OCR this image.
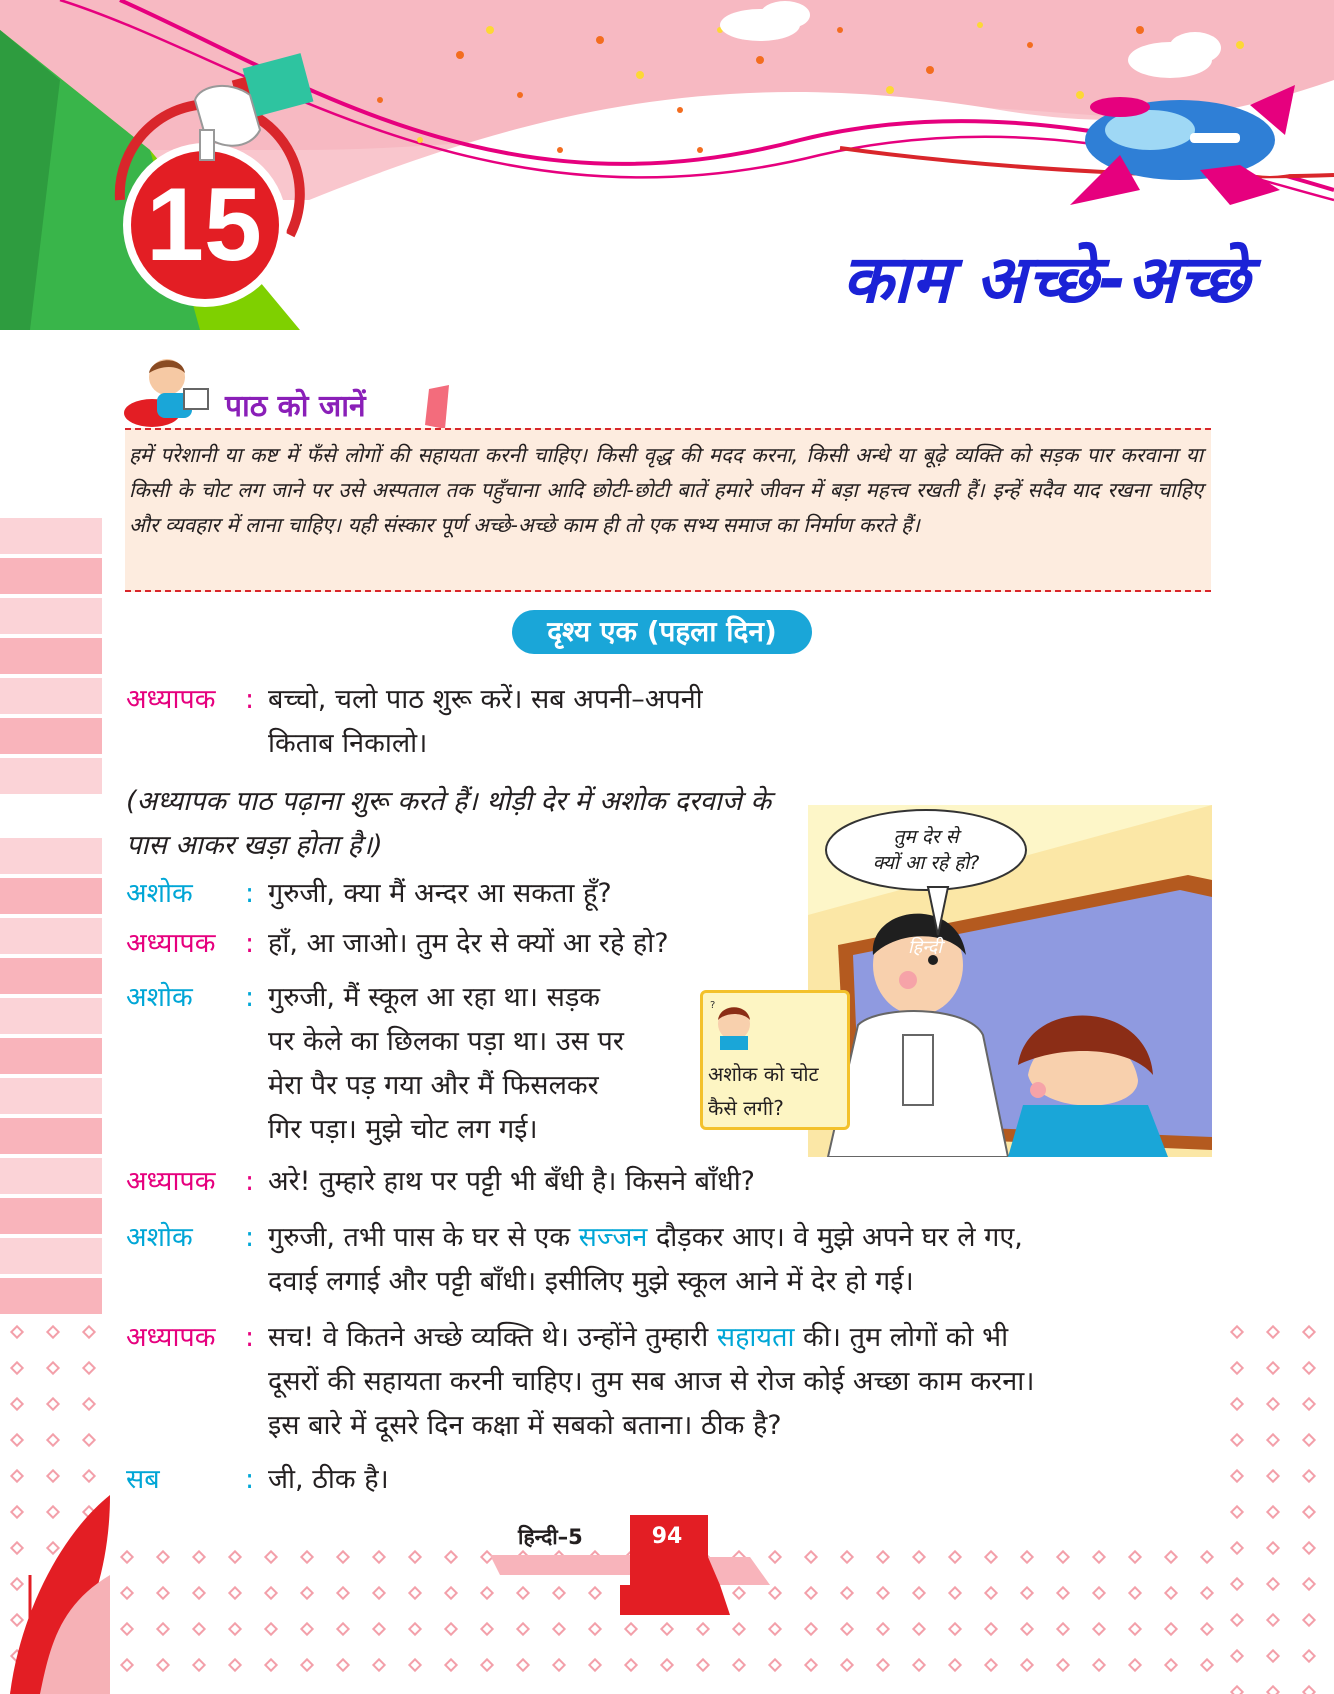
15	काम अच्छे-अच्छे
पाठ को जानें
हमें परेशानी या कष्ट में फँसे लोगों की सहायता करनी चाहिए। किसी वृद्ध की मदद करना, किसी अन्धे या बूढ़े व्यक्ति को सड़क पार करवाना या किसी के चोट लग जाने पर उसे अस्पताल तक पहुँचाना आदि छोटी-छोटी बातें हमारे जीवन में बड़ा महत्त्व रखती हैं। इन्हें सदैव याद रखना चाहिए और व्यवहार में लाना चाहिए। यही संस्कार पूर्ण अच्छे-अच्छे काम ही तो एक सभ्य समाज का निर्माण करते हैं।
दृश्य एक (पहला दिन)
अध्यापक : बच्चो, चलो पाठ शुरू करें। सब अपनी–अपनी
किताब निकालो।
(अध्यापक पाठ पढ़ाना शुरू करते हैं। थोड़ी देर में अशोक दरवाजे के पास आकर खड़ा होता है।)
अशोक : गुरुजी, क्या मैं अन्दर आ सकता हूँ?
अध्यापक : हाँ, आ जाओ। तुम देर से क्यों आ रहे हो?
अशोक : गुरुजी, मैं स्कूल आ रहा था। सड़क
पर केले का छिलका पड़ा था। उस पर
मेरा पैर पड़ गया और मैं फिसलकर
गिर पड़ा। मुझे चोट लग गई।
अध्यापक : अरे! तुम्हारे हाथ पर पट्टी भी बँधी है। किसने बाँधी?
अशोक : गुरुजी, तभी पास के घर से एक सज्जन दौड़कर आए। वे मुझे अपने घर ले गए,
दवाई लगाई और पट्टी बाँधी। इसीलिए मुझे स्कूल आने में देर हो गई।
अध्यापक : सच! वे कितने अच्छे व्यक्ति थे। उन्होंने तुम्हारी सहायता की। तुम लोगों को भी
दूसरों की सहायता करनी चाहिए। तुम सब आज से रोज कोई अच्छा काम करना।
इस बारे में दूसरे दिन कक्षा में सबको बताना। ठीक है?
सब	: जी, ठीक है।
तुम देर से
क्यों आ रहे हो?
हिन्दी
?
अशोक को चोट
कैसे लगी?
हिन्दी–5	94
